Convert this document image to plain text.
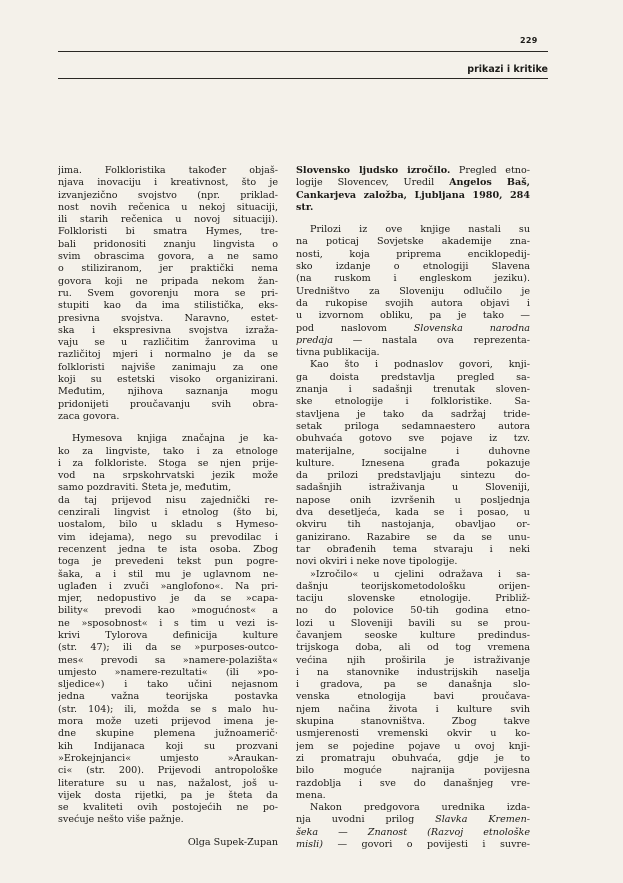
229
prikazi i kritike
jima. Folkloristika također objaš-
njava inovaciju i kreativnost, što je
izvanjezično svojstvo (npr. priklad-
nost novih rečenica u nekoj situaciji,
ili starih rečenica u novoj situaciji).
Folkloristi bi smatra Hymes, tre-
bali pridonositi znanju lingvista o
svim obrascima govora, a ne samo
o stiliziranom, jer praktički nema
govora koji ne pripada nekom žan-
ru. Svem govorenju mora se pri-
stupiti kao da ima stilistička, eks-
presivna svojstva. Naravno, estet-
ska i ekspresivna svojstva izraža-
vaju se u različitim žanrovima u
različitoj mjeri i normalno je da se
folkloristi najviše zanimaju za one
koji su estetski visoko organizirani.
Međutim, njihova saznanja mogu
pridonijeti proučavanju svih obra-
zaca govora.
Hymesova knjiga značajna je ka-
ko za lingviste, tako i za etnologe
i za folkloriste. Stoga se njen prije-
vod na srpskohrvatski jezik može
samo pozdraviti. Šteta je, međutim,
da taj prijevod nisu zajednički re-
cenzirali lingvist i etnolog (što bi,
uostalom, bilo u skladu s Hymeso-
vim idejama), nego su prevodilac i
recenzent jedna te ista osoba. Zbog
toga je prevedeni tekst pun pogre-
šaka, a i stil mu je uglavnom ne-
uglađen i zvuči »anglofono«. Na pri-
mjer, nedopustivo je da se »capa-
bility« prevodi kao »mogućnost« a
ne »sposobnost« i s tim u vezi is-
krivi Tylorova definicija kulture
(str. 47); ili da se »purposes-outco-
mes« prevodi sa »namere-polazišta«
umjesto »namere-rezultati« (ili »po-
sljedice«) i tako učini nejasnom
jedna važna teorijska postavka
(str. 104); ili, možda se s malo hu-
mora može uzeti prijevod imena je-
dne skupine plemena južnoamerič·
kih Indijanaca koji su prozvani
»Erokejnjanci« umjesto »Araukan-
ci« (str. 200). Prijevodi antropološke
literature su u nas, nažalost, još u-
vijek dosta rijetki, pa je šteta da
se kvaliteti ovih postojećih ne po-
svećuje nešto više pažnje.
Olga Supek-Zupan
Slovensko ljudsko izročilo. Pregled etno-
logije Slovencev, Uredil Angelos Baš,
Cankarjeva založba, Ljubljana 1980, 284
str.
Prilozi iz ove knjige nastali su
na poticaj Sovjetske akademije zna-
nosti, koja priprema enciklopedij-
sko izdanje o etnologiji Slavena
(na ruskom i engleskom jeziku).
Uredništvo za Sloveniju odlučilo je
da rukopise svojih autora objavi i
u izvornom obliku, pa je tako —
pod naslovom Slovenska narodna
predaja — nastala ova reprezenta-
tivna publikacija.
Kao što i podnaslov govori, knji-
ga doista predstavlja pregled sa-
znanja i sadašnji trenutak sloven-
ske etnologije i folkloristike. Sa-
stavljena je tako da sadržaj tride-
setak priloga sedamnaestero autora
obuhvaća gotovo sve pojave iz tzv.
materijalne, socijalne i duhovne
kulture. Iznesena građa pokazuje
da prilozi predstavljaju sintezu do-
sadašnjih istraživanja u Sloveniji,
napose onih izvršenih u posljednja
dva desetljeća, kada se i posao, u
okviru tih nastojanja, obavljao or-
ganizirano. Razabire se da se unu-
tar obrađenih tema stvaraju i neki
novi okviri i neke nove tipologije.
»Izročilo« u cjelini odražava i sa-
dašnju teorijskometodološku orijen-
taciju slovenske etnologije. Približ-
no do polovice 50-tih godina etno-
lozi u Sloveniji bavili su se prou-
čavanjem seoske kulture predindus-
trijskoga doba, ali od tog vremena
većina njih proširila je istraživanje
i na stanovnike industrijskih naselja
i gradova, pa se današnja slo-
venska etnologija bavi proučava-
njem načina života i kulture svih
skupina stanovništva. Zbog takve
usmjerenosti vremenski okvir u ko-
jem se pojedine pojave u ovoj knji-
zi promatraju obuhvaća, gdje je to
bilo moguće najranija povijesna
razdoblja i sve do današnjeg vre-
mena.
Nakon predgovora urednika izda-
nja uvodni prilog Slavka Kremen-
šeka — Znanost (Razvoj etnološke
misli) — govori o povijesti i suvre-
